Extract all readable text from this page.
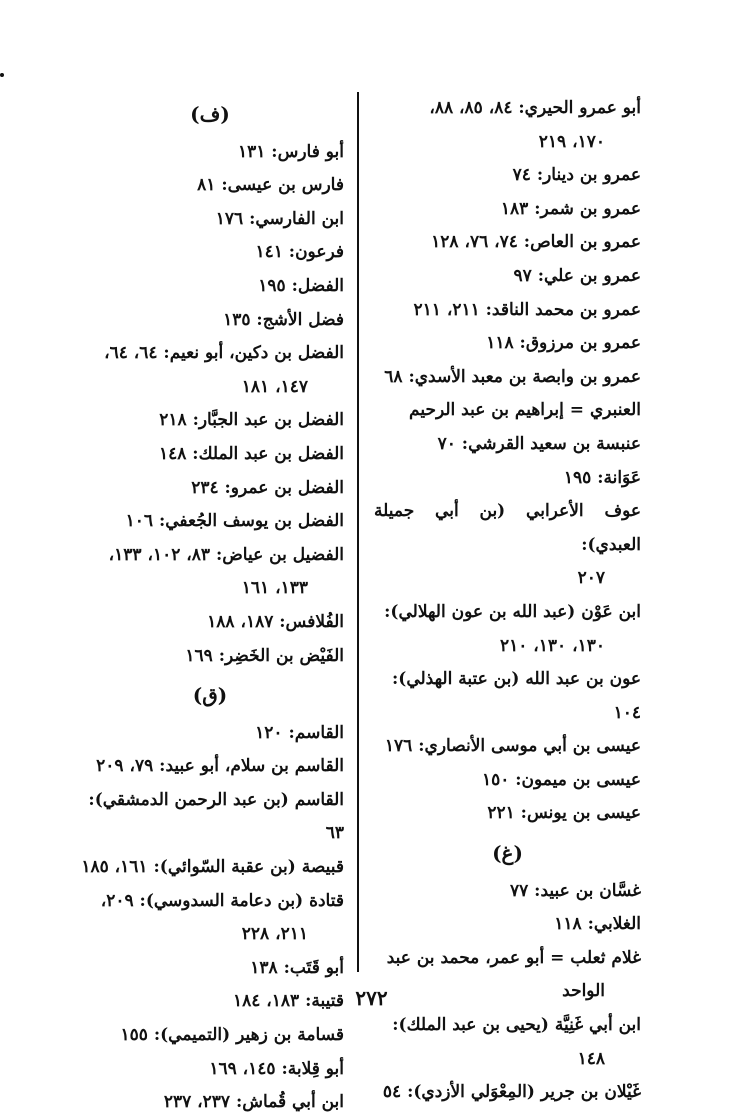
أبو عمرو الحيري: ٨٤، ٨٥، ٨٨،
١٧٠، ٢١٩
عمرو بن دينار: ٧٤
عمرو بن شمر: ١٨٣
عمرو بن العاص: ٧٤، ٧٦، ١٢٨
عمرو بن علي: ٩٧
عمرو بن محمد الناقد: ٢١١، ٢١١
عمرو بن مرزوق: ١١٨
عمرو بن وابصة بن معبد الأسدي: ٦٨
العنبري = إبراهيم بن عبد الرحيم
عنبسة بن سعيد القرشي: ٧٠
عَوَانة: ١٩٥
عوف الأعرابي (بن أبي جميلة العبدي):
٢٠٧
ابن عَوْن (عبد الله بن عون الهلالي):
١٣٠، ١٣٠، ٢١٠
عون بن عبد الله (بن عتبة الهذلي): ١٠٤
عيسى بن أبي موسى الأنصاري: ١٧٦
عيسى بن ميمون: ١٥٠
عيسى بن يونس: ٢٢١
(غ)
غسَّان بن عبيد: ٧٧
الغلابي: ١١٨
غلام ثعلب = أبو عمر، محمد بن عبد
الواحد
ابن أبي غَنِيَّة (يحيى بن عبد الملك):
١٤٨
غَيْلان بن جرير (المِعْوَلي الأزدي): ٥٤
(ف)
أبو فارس: ١٣١
فارس بن عيسى: ٨١
ابن الفارسي: ١٧٦
فرعون: ١٤١
الفضل: ١٩٥
فضل الأشج: ١٣٥
الفضل بن دكين، أبو نعيم: ٦٤، ٦٤،
١٤٧، ١٨١
الفضل بن عبد الجبَّار: ٢١٨
الفضل بن عبد الملك: ١٤٨
الفضل بن عمرو: ٢٣٤
الفضل بن يوسف الجُعفي: ١٠٦
الفضيل بن عياض: ٨٣، ١٠٢، ١٣٣،
١٣٣، ١٦١
الفُلافس: ١٨٧، ١٨٨
الفَيْض بن الخَضِر: ١٦٩
(ق)
القاسم: ١٢٠
القاسم بن سلام، أبو عبيد: ٧٩، ٢٠٩
القاسم (بن عبد الرحمن الدمشقي): ٦٣
قبيصة (بن عقبة السّوائي): ١٦١، ١٨٥
قتادة (بن دعامة السدوسي): ٢٠٩،
٢١١، ٢٢٨
أبو قَتَب: ١٣٨
قتيبة: ١٨٣، ١٨٤
قسامة بن زهير (التميمي): ١٥٥
أبو قِلابة: ١٤٥، ١٦٩
ابن أبي قُماش: ٢٣٧، ٢٣٧
٢٧٢
